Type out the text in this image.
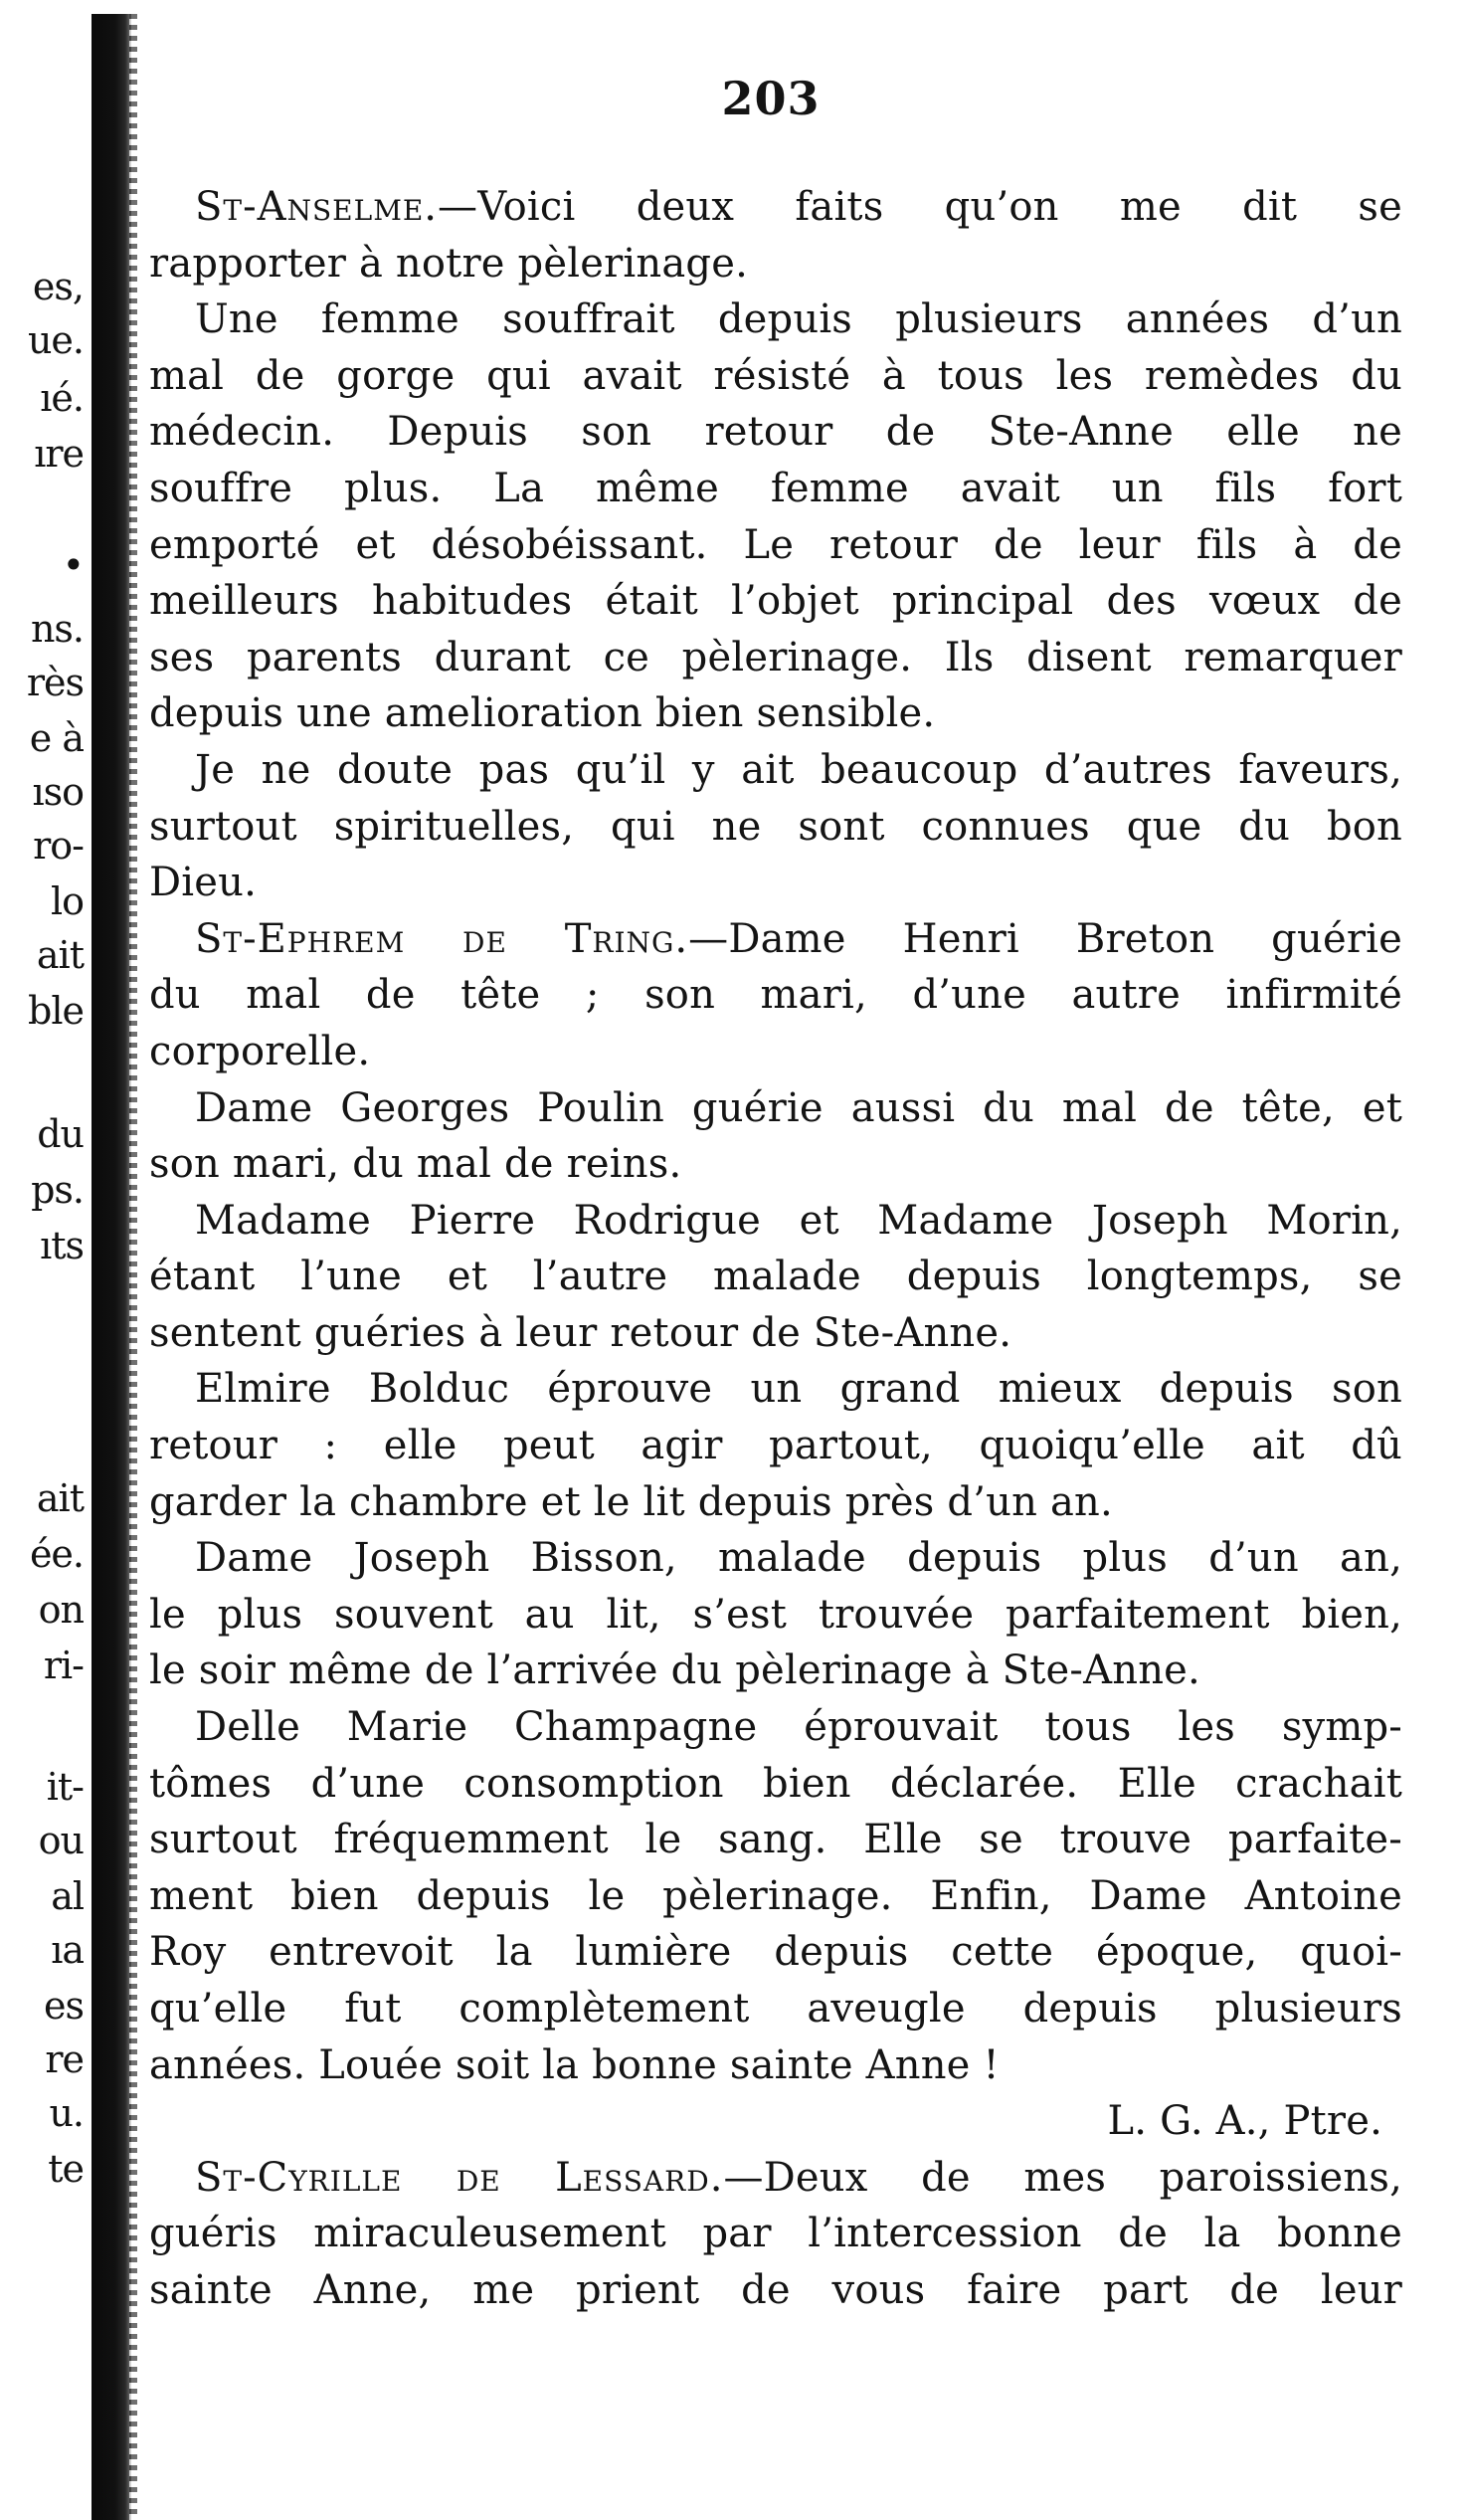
es,
ue.
ıé.
ıre
•
ns.
rès
e à
ıso
ro-
lo
ait
ble
du
ps.
ıts
ait
ée.
on
ri-
it-
ou
al
ıa
es
re
u.
te
203
St-Anselme.—Voici deux faits qu’on me dit se
rapporter à notre pèlerinage.
Une femme souffrait depuis plusieurs années d’un
mal de gorge qui avait résisté à tous les remèdes du
médecin. Depuis son retour de Ste-Anne elle ne
souffre plus. La même femme avait un fils fort
emporté et désobéissant. Le retour de leur fils à de
meilleurs habitudes était l’objet principal des vœux de
ses parents durant ce pèlerinage. Ils disent remarquer
depuis une amelioration bien sensible.
Je ne doute pas qu’il y ait beaucoup d’autres faveurs,
surtout spirituelles, qui ne sont connues que du bon
Dieu.
St-Ephrem de Tring.—Dame Henri Breton guérie
du mal de tête ; son mari, d’une autre infirmité
corporelle.
Dame Georges Poulin guérie aussi du mal de tête, et
son mari, du mal de reins.
Madame Pierre Rodrigue et Madame Joseph Morin,
étant l’une et l’autre malade depuis longtemps, se
sentent guéries à leur retour de Ste-Anne.
Elmire Bolduc éprouve un grand mieux depuis son
retour : elle peut agir partout, quoiqu’elle ait dû
garder la chambre et le lit depuis près d’un an.
Dame Joseph Bisson, malade depuis plus d’un an,
le plus souvent au lit, s’est trouvée parfaitement bien,
le soir même de l’arrivée du pèlerinage à Ste-Anne.
Delle Marie Champagne éprouvait tous les symp-
tômes d’une consomption bien déclarée. Elle crachait
surtout fréquemment le sang. Elle se trouve parfaite-
ment bien depuis le pèlerinage. Enfin, Dame Antoine
Roy entrevoit la lumière depuis cette époque, quoi-
qu’elle fut complètement aveugle depuis plusieurs
années. Louée soit la bonne sainte Anne !
L. G. A., Ptre.
St-Cyrille de Lessard.—Deux de mes paroissiens,
guéris miraculeusement par l’intercession de la bonne
sainte Anne, me prient de vous faire part de leur
